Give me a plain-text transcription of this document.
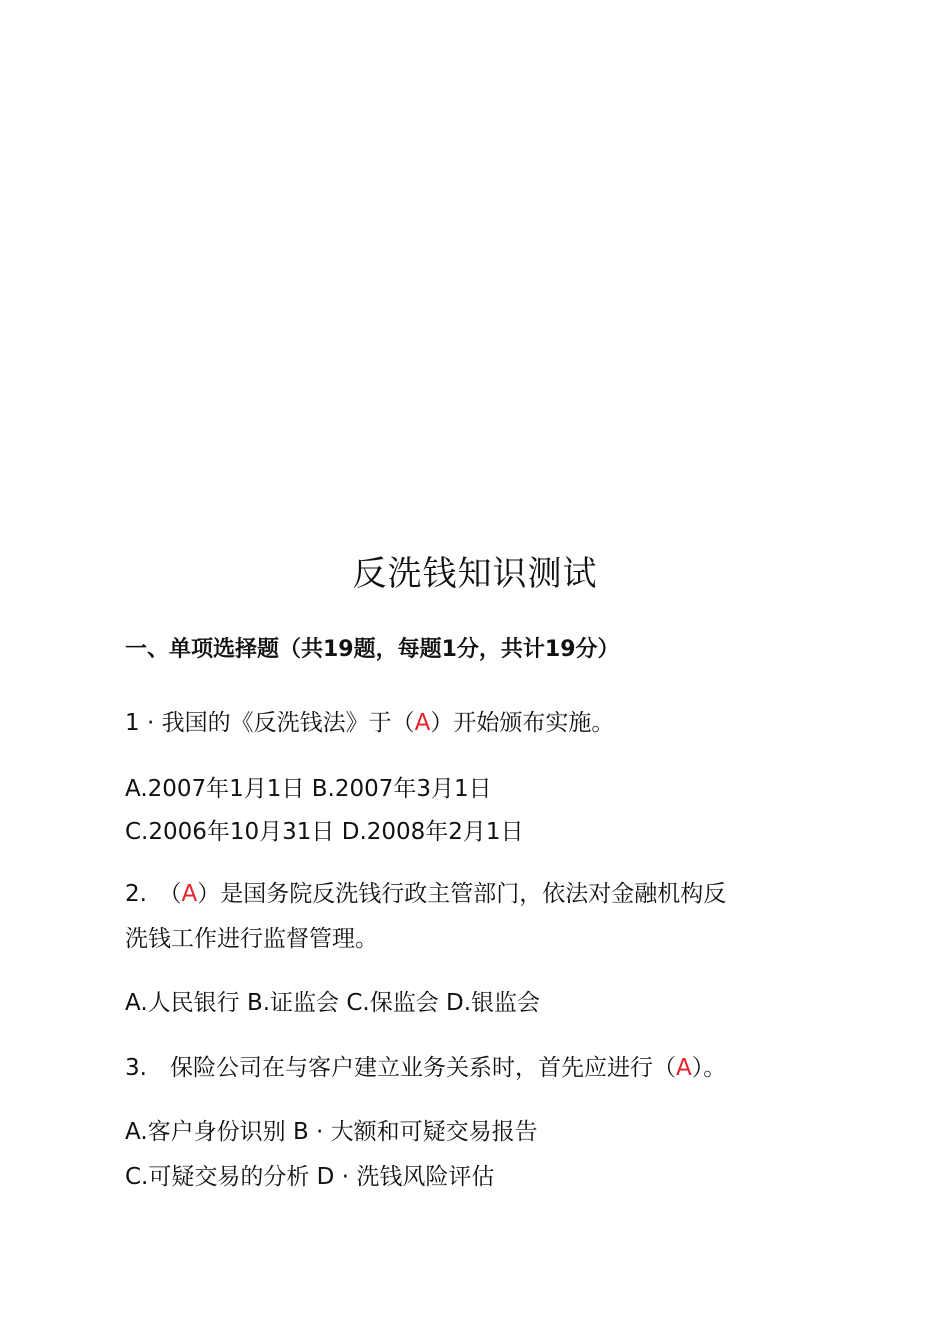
反洗钱知识测试
一、单项选择题（共19题，每题1分，共计19分）
1 · 我国的《反洗钱法》于（A）开始颁布实施。
A.2007年1月1日 B.2007年3月1日
C.2006年10月31日 D.2008年2月1日
2.　（A）是国务院反洗钱行政主管部门，依法对金融机构反
洗钱工作进行监督管理。
A.人民银行 B.证监会 C.保监会 D.银监会
3.　保险公司在与客户建立业务关系时，首先应进行（A）。
A.客户身份识别 B · 大额和可疑交易报告
C.可疑交易的分析 D · 洗钱风险评估
